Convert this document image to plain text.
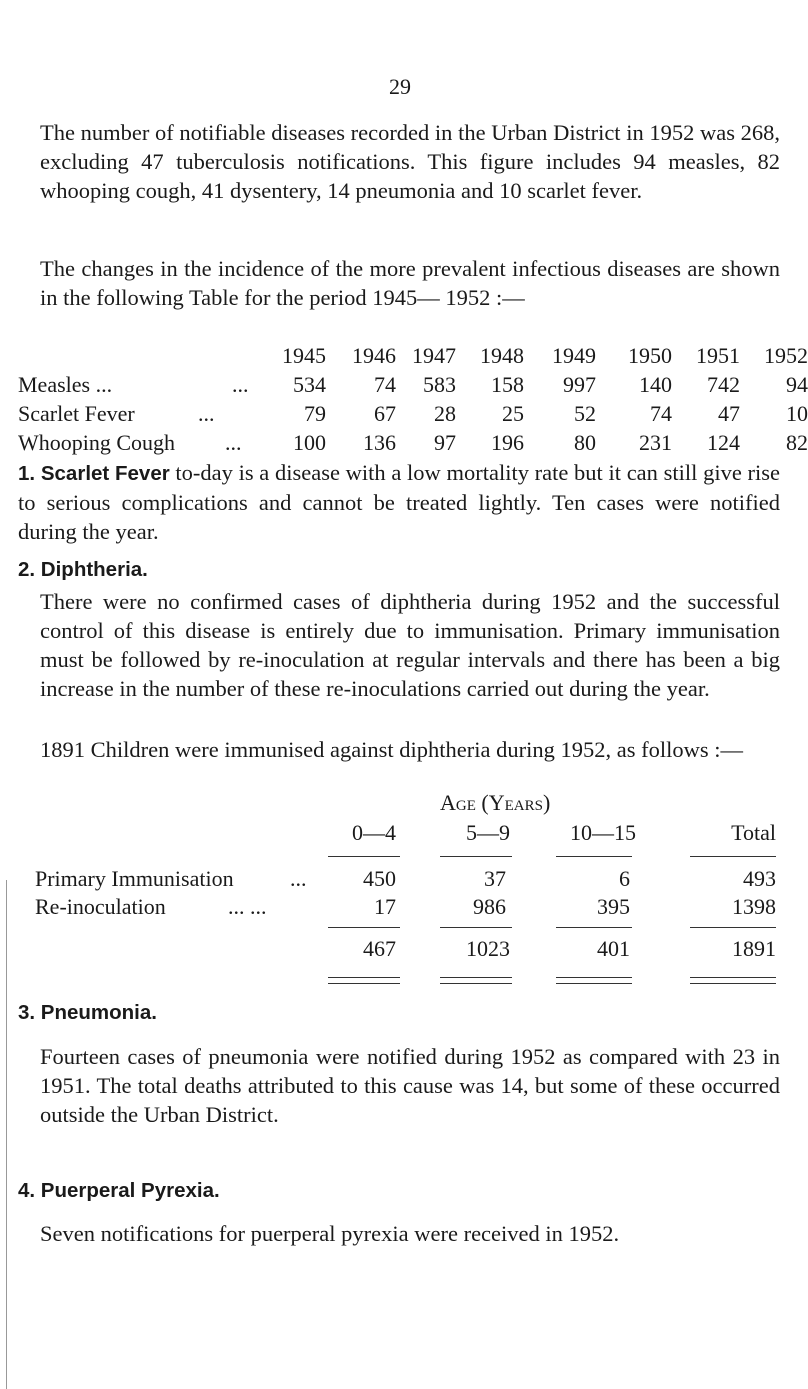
29
The number of notifiable diseases recorded in the Urban District in 1952 was 268, excluding 47 tuberculosis notifications. This figure includes 94 measles, 82 whooping cough, 41 dysentery, 14 pneumonia and 10 scarlet fever.
The changes in the incidence of the more prevalent infectious diseases are shown in the following Table for the period 1945— 1952 :—
1945	1946 1947	1948	1949	1950	1951	1952
Measles ...	...	534	74	583	158	997	140	742	94
Scarlet Fever	...	79	67	28	25	52	74	47	10
Whooping Cough	...	100	136	97	196	80	231	124	82
1. Scarlet Fever to-day is a disease with a low mortality rate but it can still give rise to serious complications and cannot be treated lightly. Ten cases were notified during the year.
2. Diphtheria.
There were no confirmed cases of diphtheria during 1952 and the successful control of this disease is entirely due to immunisation. Primary immunisation must be followed by re-inoculation at regular intervals and there has been a big increase in the number of these re-inoculations carried out during the year.
1891 Children were immunised against diphtheria during 1952, as follows :—
Age (Years)
0—4	5—9	10—15	Total
Primary Immunisation	...	450	37	6	493
Re-inoculation	... ...	17	986	395	1398
467	1023	401	1891
3. Pneumonia.
Fourteen cases of pneumonia were notified during 1952 as compared with 23 in 1951. The total deaths attributed to this cause was 14, but some of these occurred outside the Urban District.
4. Puerperal Pyrexia.
Seven notifications for puerperal pyrexia were received in 1952.
